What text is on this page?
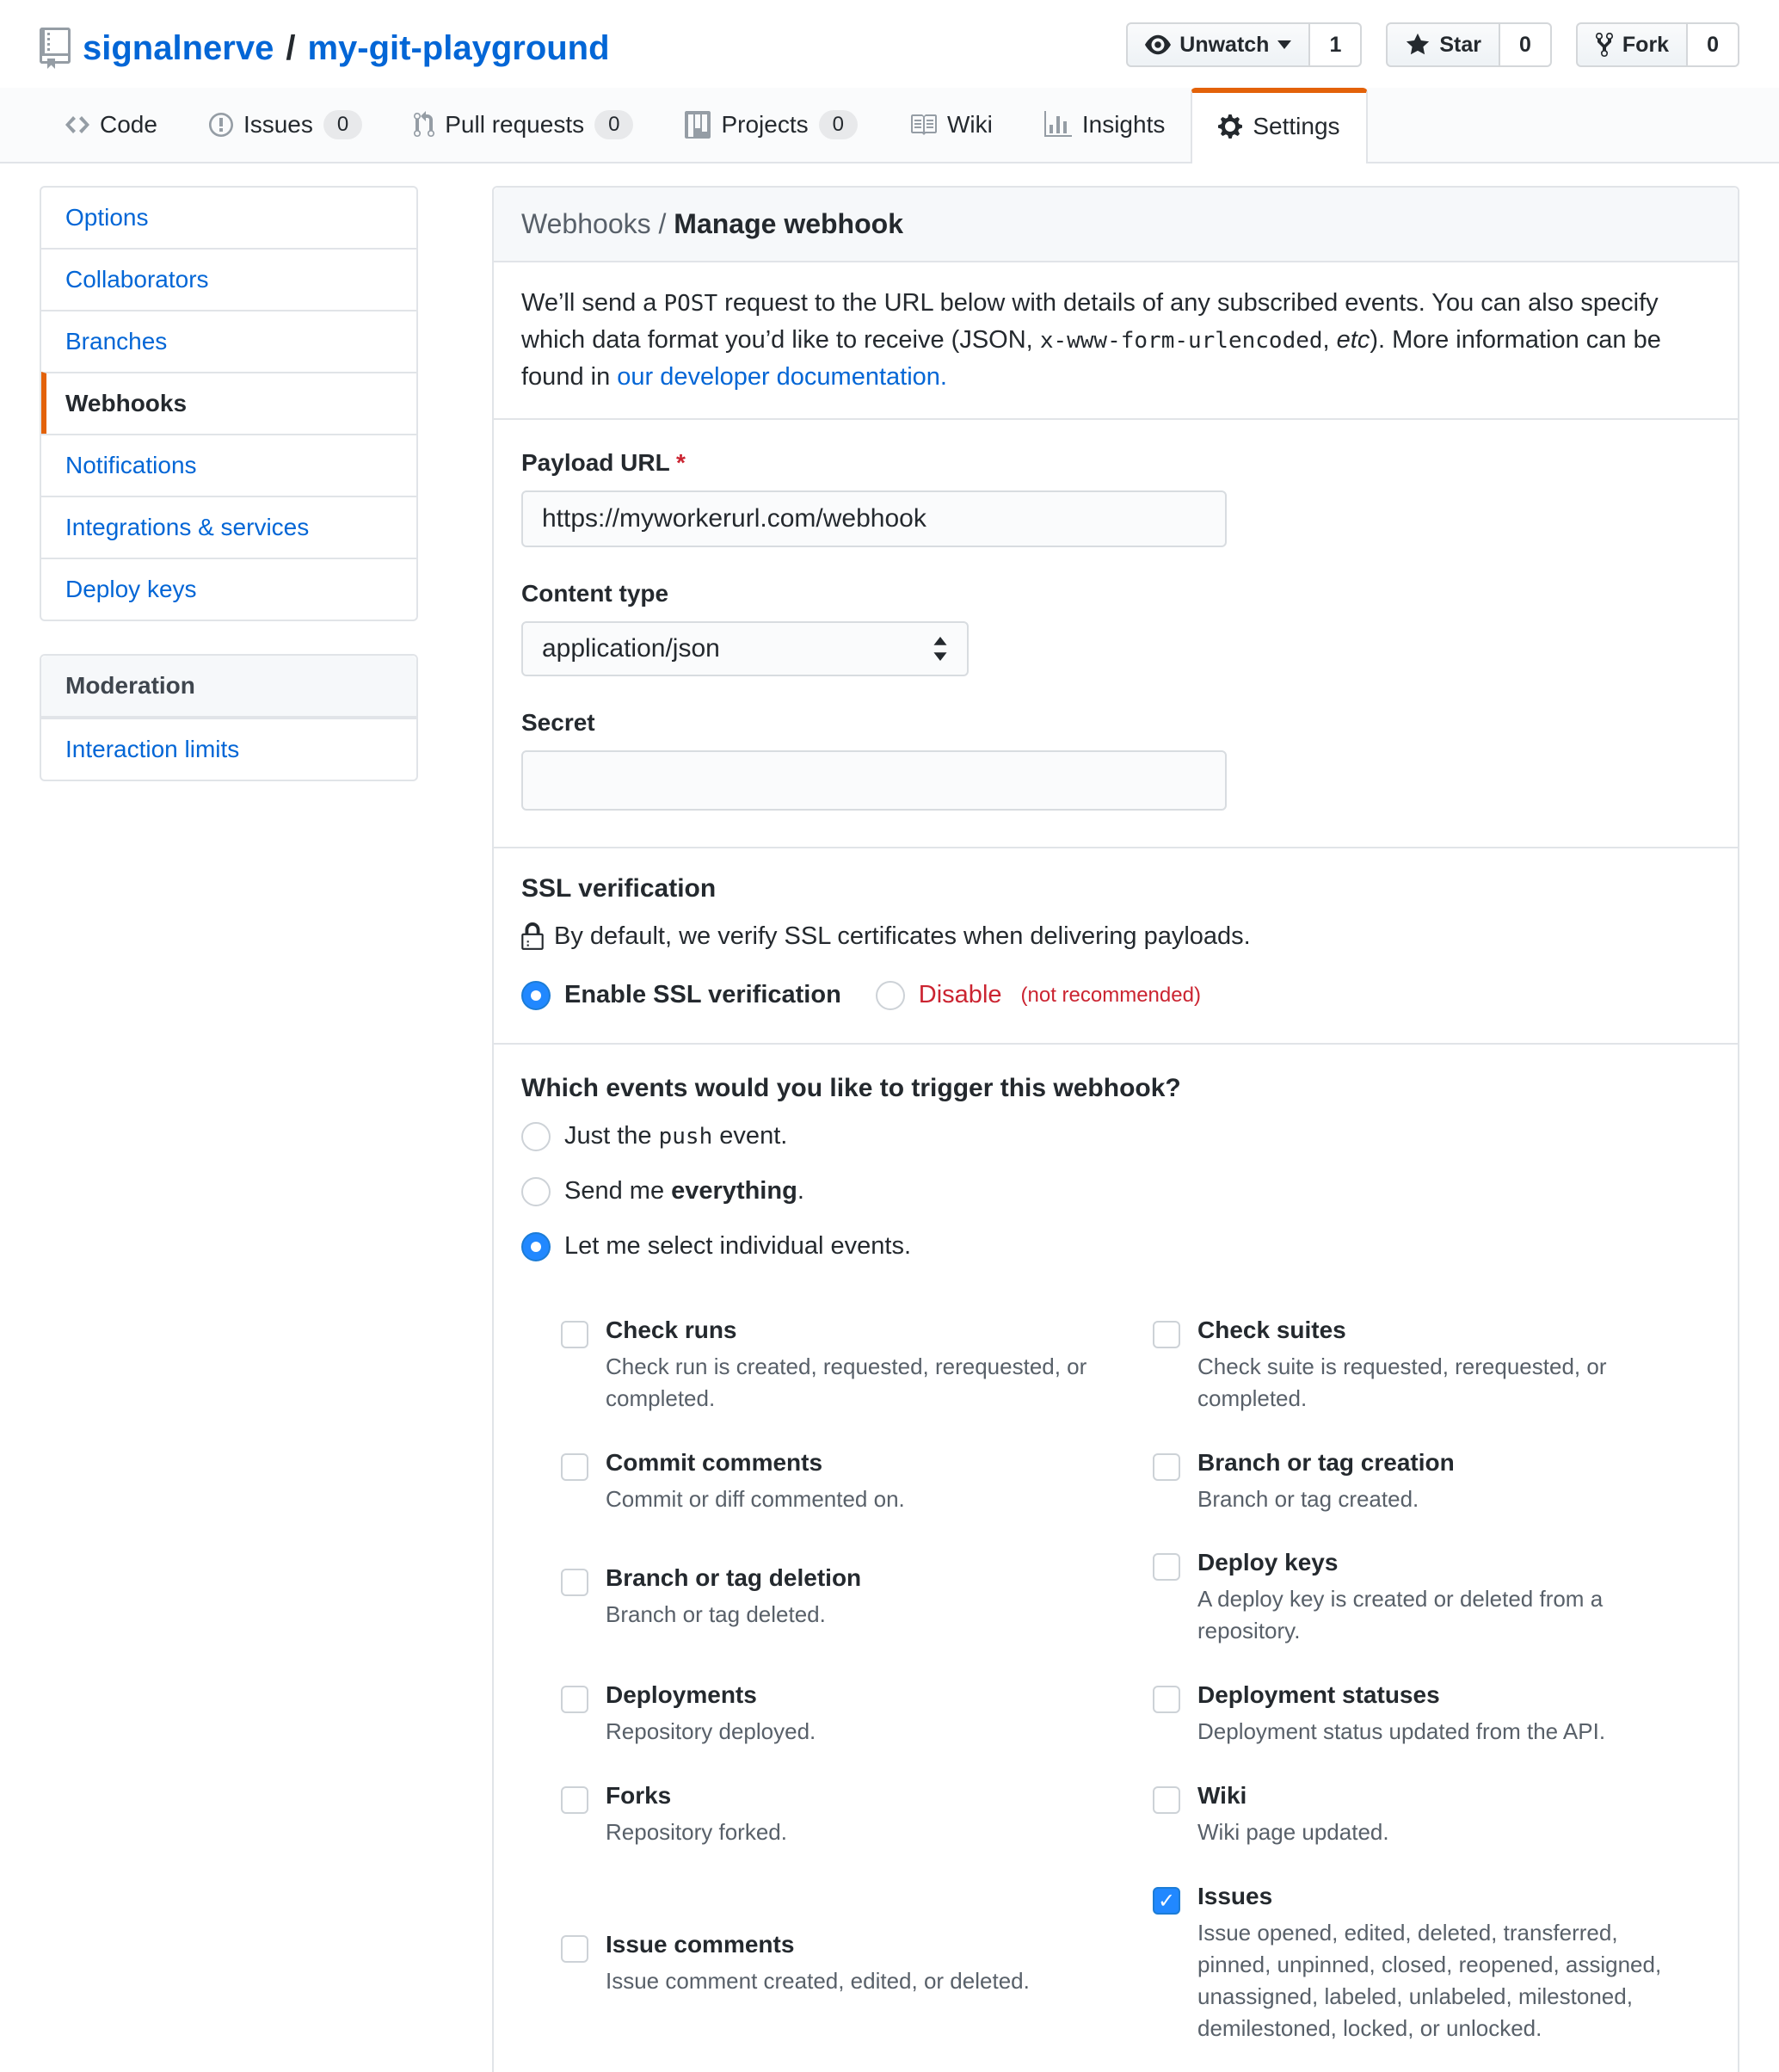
signalnerve / my-git-playground	Unwatch	1	Star	0	Fork	0
Code	Issues	0	Pull requests	0	Projects	0	Wiki	Insights	Settings
Options
Collaborators
Branches
Webhooks
Notifications
Integrations & services
Deploy keys
Moderation
Interaction limits
Webhooks / Manage webhook
We’ll send a POST request to the URL below with details of any subscribed events. You can also specify which data format you’d like to receive (JSON, x-www-form-urlencoded, etc). More information can be found in our developer documentation.
Payload URL *
https://myworkerurl.com/webhook
Content type
application/json
Secret
SSL verification
By default, we verify SSL certificates when delivering payloads.
Enable SSL verification	Disable (not recommended)
Which events would you like to trigger this webhook?
Just the push event.
Send me everything.
Let me select individual events.
Check runs
Check run is created, requested, rerequested, or completed.
Check suites
Check suite is requested, rerequested, or completed.
Commit comments
Commit or diff commented on.
Branch or tag creation
Branch or tag created.
Branch or tag deletion
Branch or tag deleted.
Deploy keys
A deploy key is created or deleted from a repository.
Deployments
Repository deployed.
Deployment statuses
Deployment status updated from the API.
Forks
Repository forked.
Wiki
Wiki page updated.
Issue comments
Issue comment created, edited, or deleted.
✓
Issues
Issue opened, edited, deleted, transferred, pinned, unpinned, closed, reopened, assigned, unassigned, labeled, unlabeled, milestoned, demilestoned, locked, or unlocked.
